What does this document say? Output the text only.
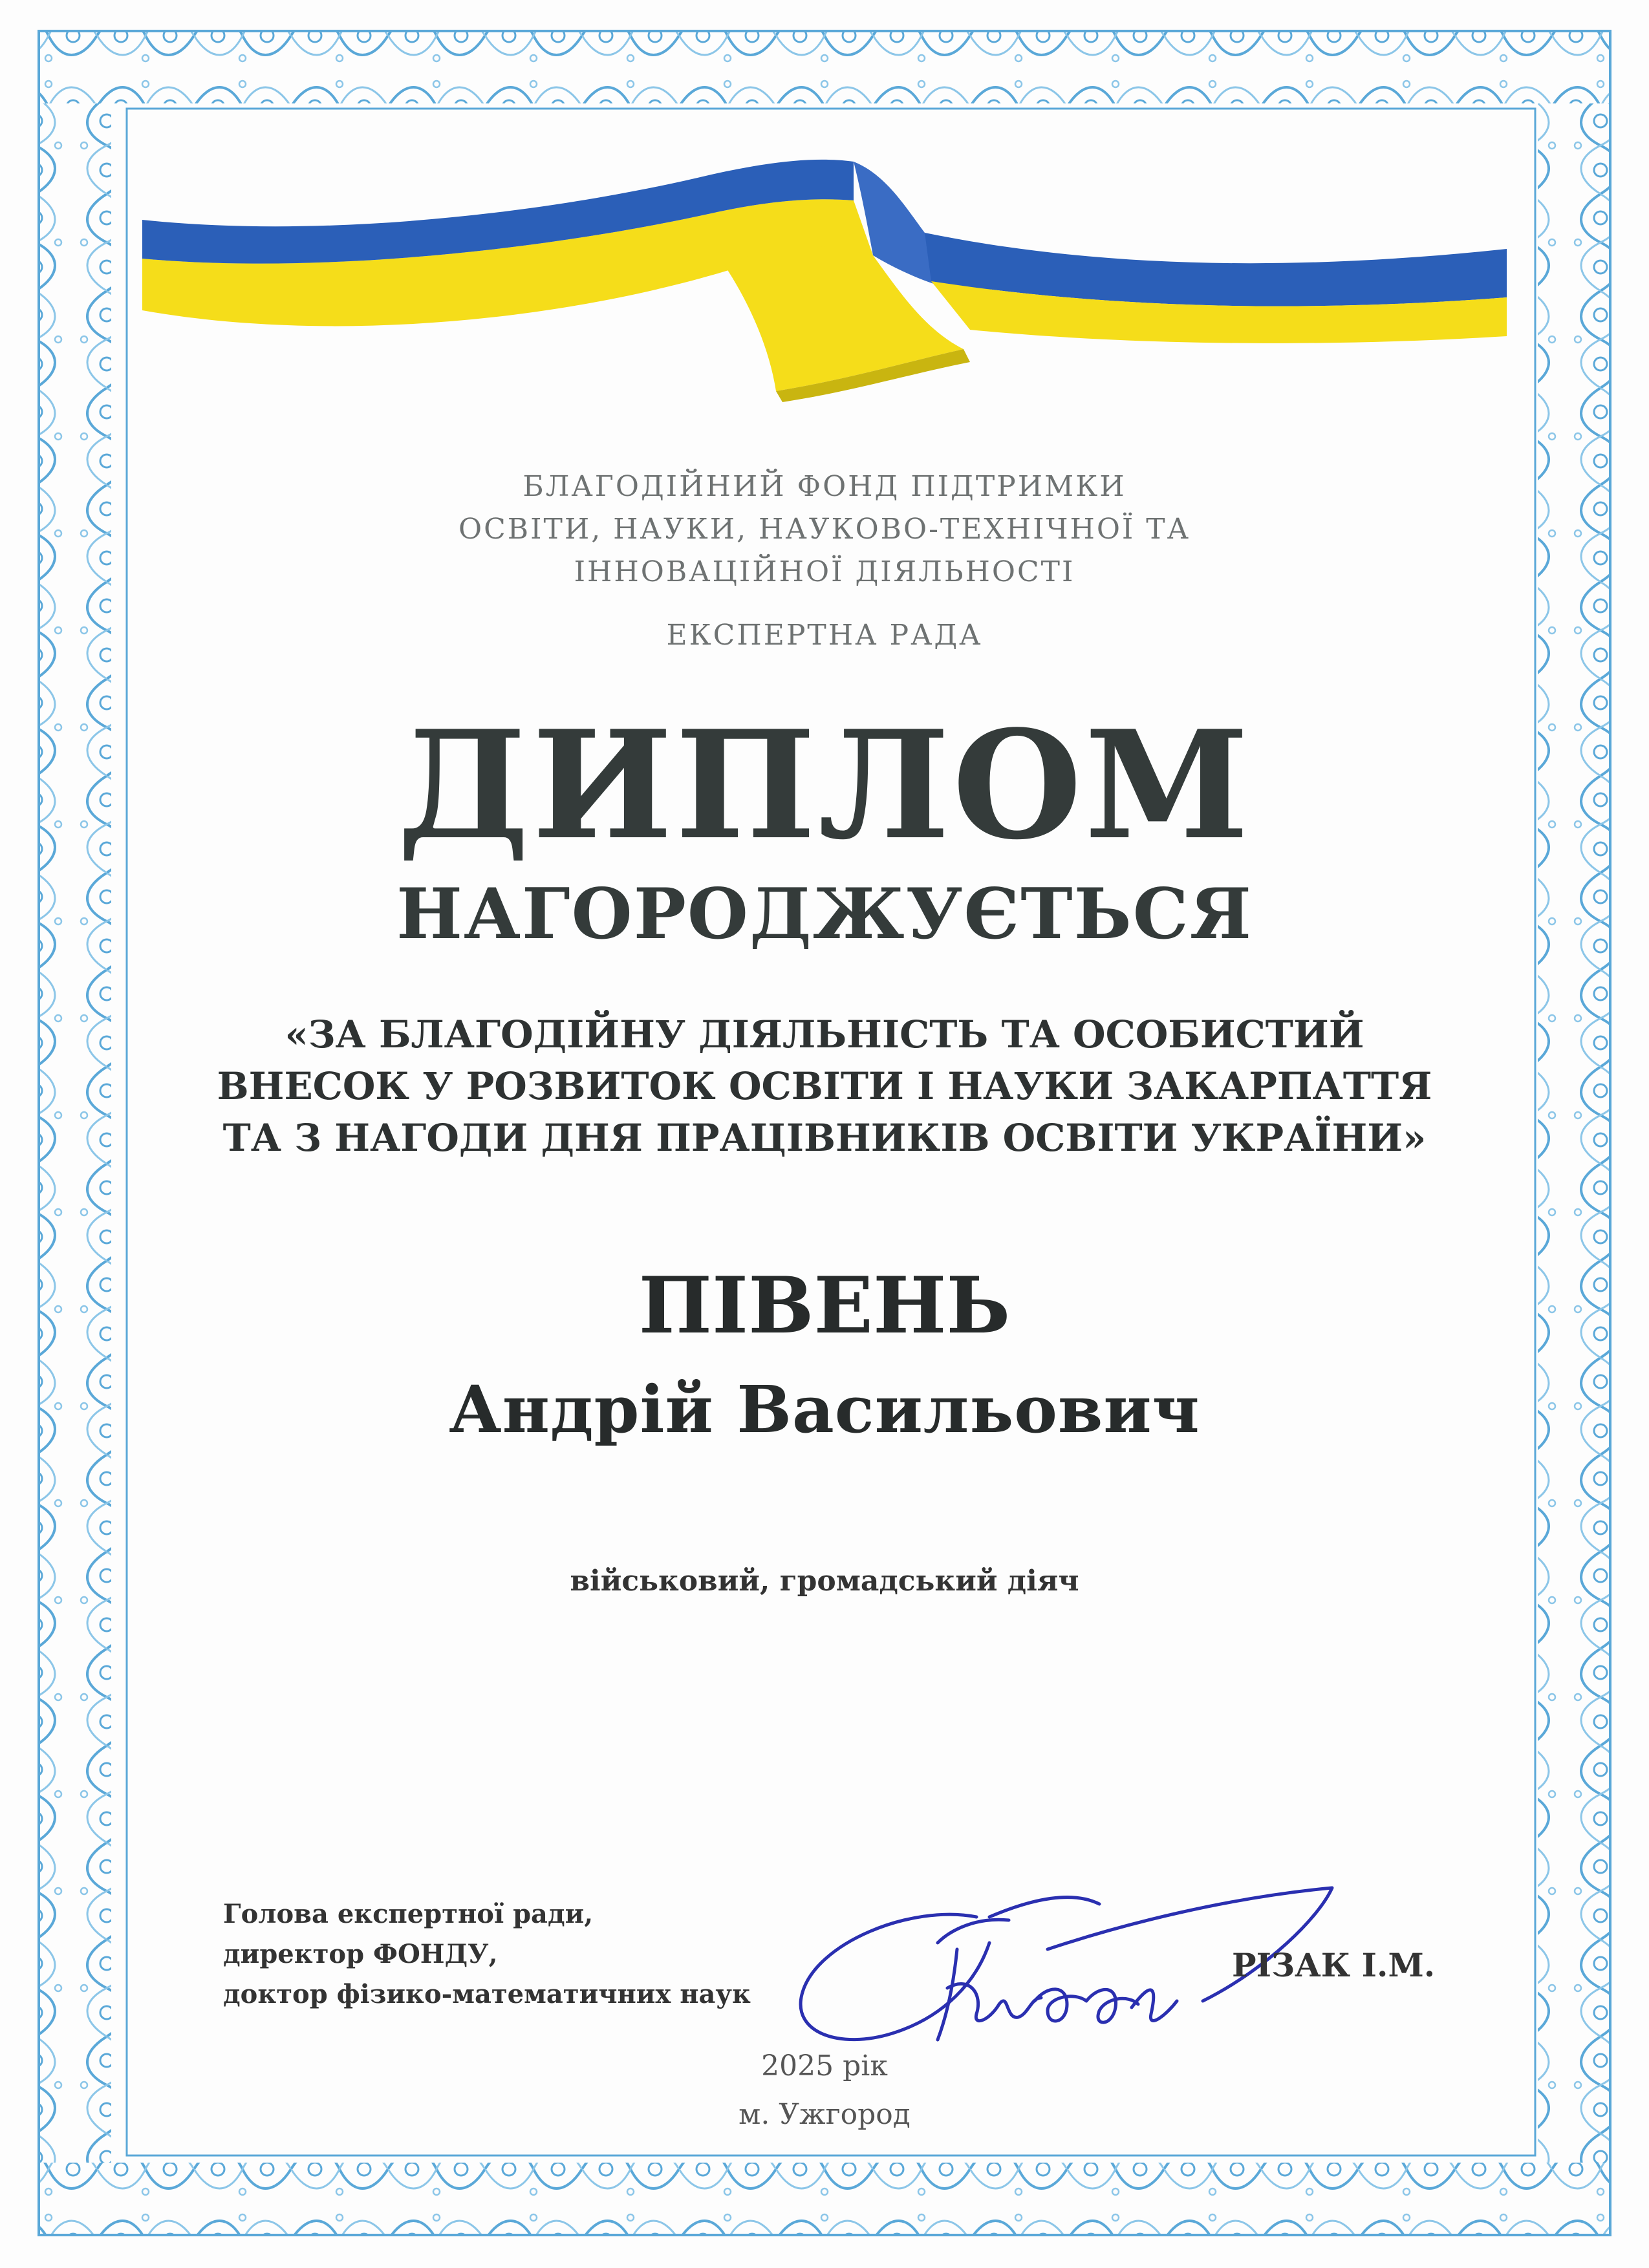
БЛАГОДІЙНИЙ ФОНД ПІДТРИМКИ
ОСВІТИ, НАУКИ, НАУКОВО-ТЕХНІЧНОЇ ТА
ІННОВАЦІЙНОЇ ДІЯЛЬНОСТІ
ЕКСПЕРТНА РАДА
ДИПЛОМ
НАГОРОДЖУЄТЬСЯ
«ЗА БЛАГОДІЙНУ ДІЯЛЬНІСТЬ ТА ОСОБИСТИЙ
ВНЕСОК У РОЗВИТОК ОСВІТИ І НАУКИ ЗАКАРПАТТЯ
ТА З НАГОДИ ДНЯ ПРАЦІВНИКІВ ОСВІТИ УКРАЇНИ»
ПІВЕНЬ
Андрій Васильович
військовий, громадський діяч
Голова експертної ради,
директор ФОНДУ,
доктор фізико-математичних наук
РІЗАК І.М.
2025 рік
м. Ужгород
